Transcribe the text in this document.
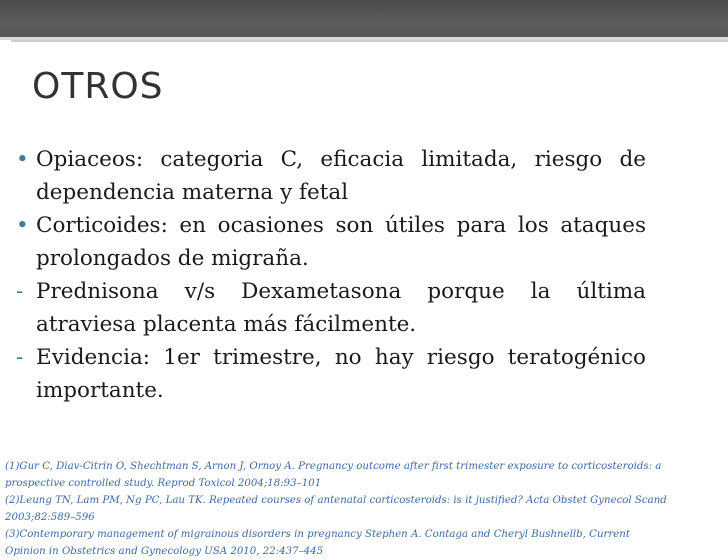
OTROS
• Opiaceos: categoria C, eficacia limitada, riesgo de dependencia materna y fetal
• Corticoides: en ocasiones son útiles para los ataques prolongados de migraña.
- Prednisona v/s Dexametasona porque la última atraviesa placenta más fácilmente.
- Evidencia: 1er trimestre, no hay riesgo teratogénico importante.
(1)Gur C, Diav-Citrin O, Shechtman S, Arnon J, Ornoy A. Pregnancy outcome after first trimester exposure to corticosteroids: a
prospective controlled study. Reprod Toxicol 2004;18:93–101
(2)Leung TN, Lam PM, Ng PC, Lau TK. Repeated courses of antenatal corticosteroids: is it justified? Acta Obstet Gynecol Scand
2003;82:589–596
(3)Contemporary management of migrainous disorders in pregnancy Stephen A. Contaga and Cheryl Bushnellb, Current
Opinion in Obstetrics and Gynecology USA 2010, 22:437–445
